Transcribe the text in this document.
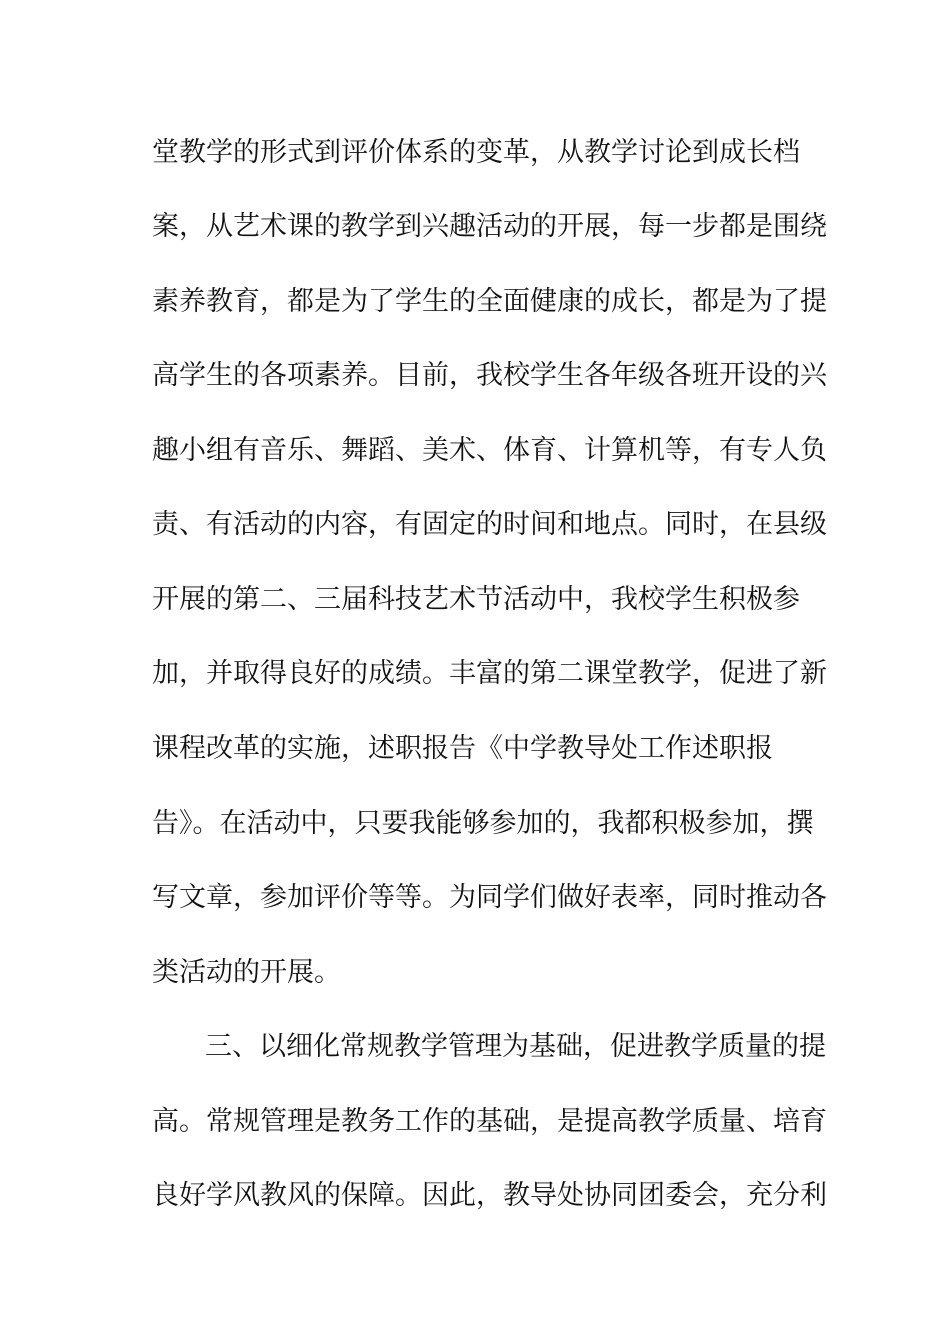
堂教学的形式到评价体系的变革，从教学讨论到成长档
案，从艺术课的教学到兴趣活动的开展，每一步都是围绕
素养教育，都是为了学生的全面健康的成长，都是为了提
高学生的各项素养。目前，我校学生各年级各班开设的兴
趣小组有音乐、舞蹈、美术、体育、计算机等，有专人负
责、有活动的内容，有固定的时间和地点。同时，在县级
开展的第二、三届科技艺术节活动中，我校学生积极参
加，并取得良好的成绩。丰富的第二课堂教学，促进了新
课程改革的实施，述职报告《中学教导处工作述职报
告》。在活动中，只要我能够参加的，我都积极参加，撰
写文章，参加评价等等。为同学们做好表率，同时推动各
类活动的开展。
三、以细化常规教学管理为基础，促进教学质量的提
高。常规管理是教务工作的基础，是提高教学质量、培育
良好学风教风的保障。因此，教导处协同团委会，充分利
